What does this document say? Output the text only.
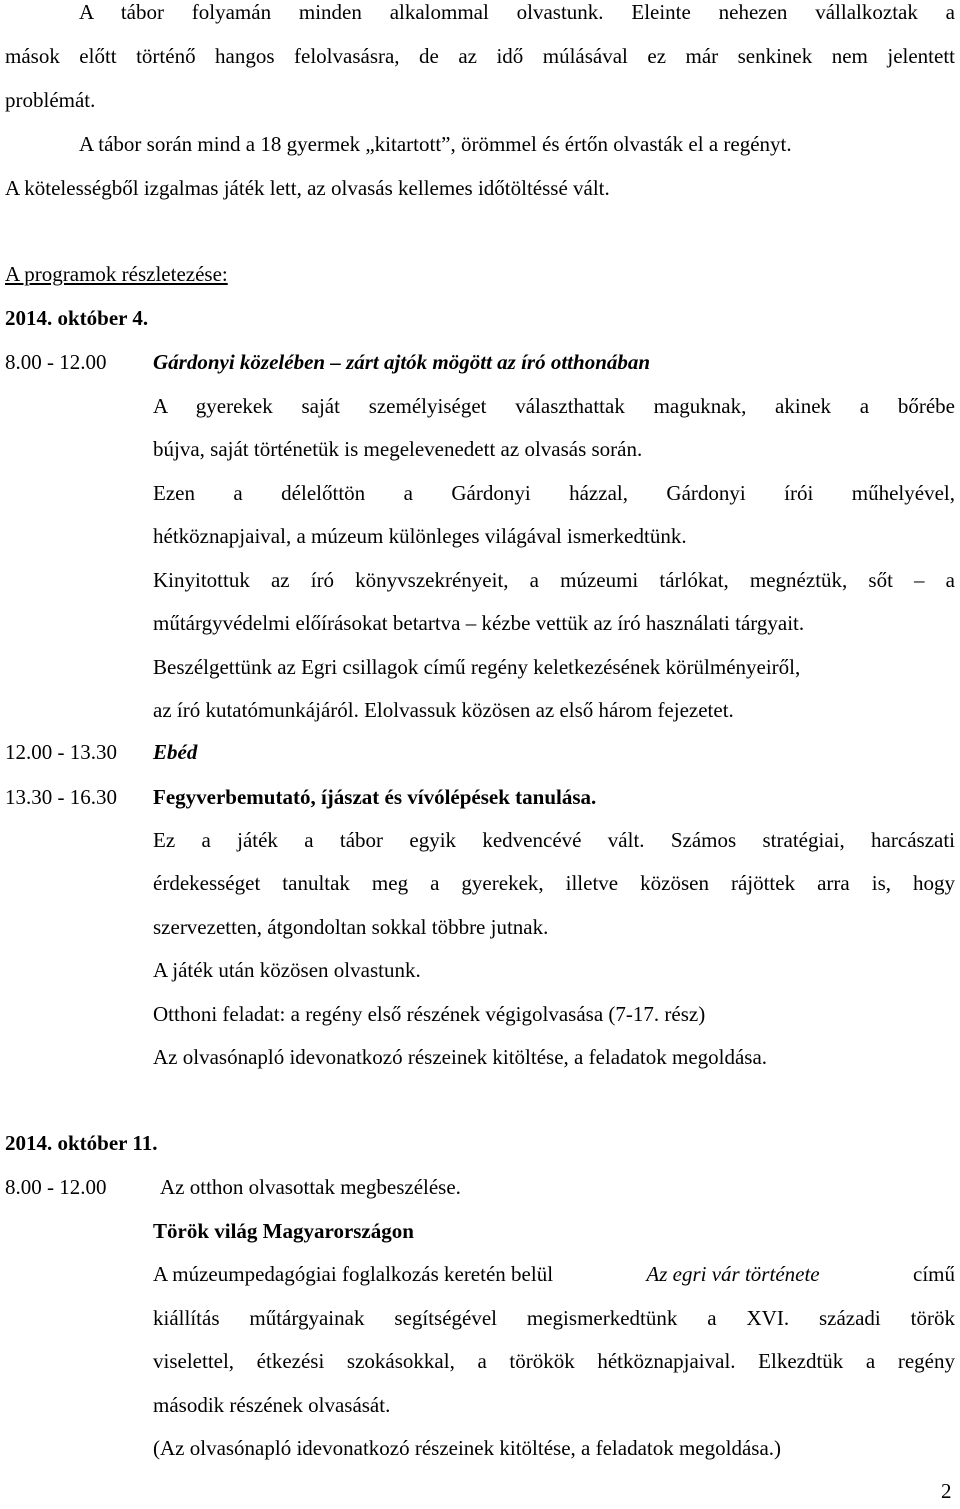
A tábor folyamán minden alkalommal olvastunk. Eleinte nehezen vállalkoztak a
mások előtt történő hangos felolvasásra, de az idő múlásával ez már senkinek nem jelentett
problémát.
A tábor során mind a 18 gyermek „kitartott”, örömmel és értőn olvasták el a regényt.
A kötelességből izgalmas játék lett, az olvasás kellemes időtöltéssé vált.
A programok részletezése:
2014. október 4.
8.00 - 12.00 Gárdonyi közelében – zárt ajtók mögött az író otthonában
A gyerekek saját személyiséget választhattak maguknak, akinek a bőrébe
bújva, saját történetük is megelevenedett az olvasás során.
Ezen a délelőttön a Gárdonyi házzal, Gárdonyi írói műhelyével,
hétköznapjaival, a múzeum különleges világával ismerkedtünk.
Kinyitottuk az író könyvszekrényeit, a múzeumi tárlókat, megnéztük, sőt – a
műtárgyvédelmi előírásokat betartva – kézbe vettük az író használati tárgyait.
Beszélgettünk az Egri csillagok című regény keletkezésének körülményeiről,
az író kutatómunkájáról. Elolvassuk közösen az első három fejezetet.
12.00 - 13.30 Ebéd
13.30 - 16.30 Fegyverbemutató, íjászat és vívólépések tanulása.
Ez a játék a tábor egyik kedvencévé vált. Számos stratégiai, harcászati
érdekességet tanultak meg a gyerekek, illetve közösen rájöttek arra is, hogy
szervezetten, átgondoltan sokkal többre jutnak.
A játék után közösen olvastunk.
Otthoni feladat: a regény első részének végigolvasása (7-17. rész)
Az olvasónapló idevonatkozó részeinek kitöltése, a feladatok megoldása.
2014. október 11.
8.00 - 12.00	Az otthon olvasottak megbeszélése.
Török világ Magyarországon
A múzeumpedagógiai foglalkozás keretén belül	Az egri vár története	című
kiállítás műtárgyainak segítségével megismerkedtünk a XVI. századi török
viselettel, étkezési szokásokkal, a törökök hétköznapjaival. Elkezdtük a regény
második részének olvasását.
(Az olvasónapló idevonatkozó részeinek kitöltése, a feladatok megoldása.)
2
